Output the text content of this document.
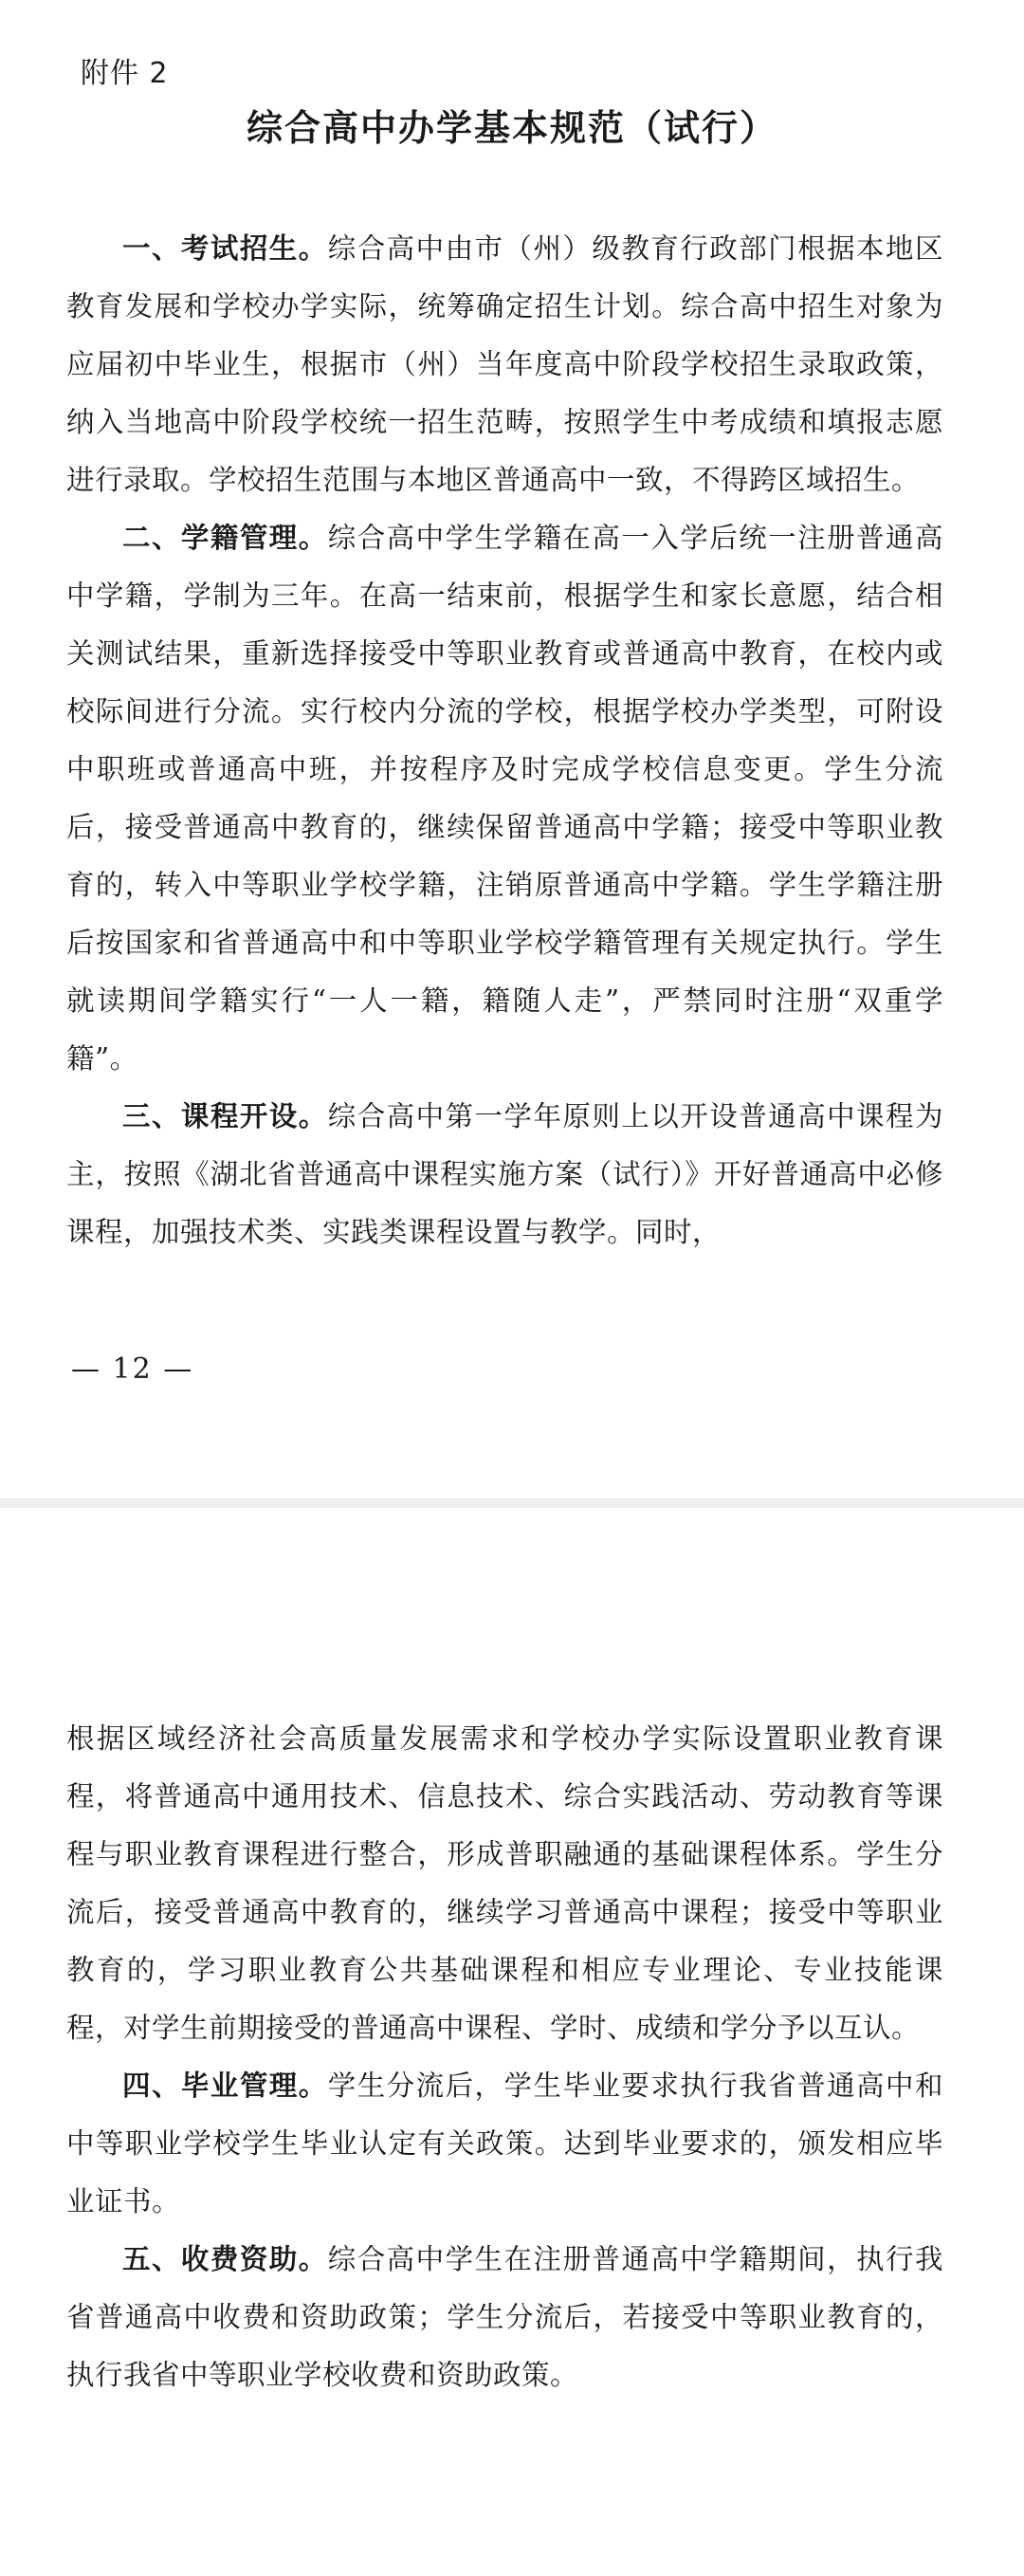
附件 2
综合高中办学基本规范（试行）

一、考试招生。综合高中由市（州）级教育行政部门根据本地区教育发展和学校办学实际，统筹确定招生计划。综合高中招生对象为应届初中毕业生，根据市（州）当年度高中阶段学校招生录取政策，纳入当地高中阶段学校统一招生范畴，按照学生中考成绩和填报志愿进行录取。学校招生范围与本地区普通高中一致，不得跨区域招生。

二、学籍管理。综合高中学生学籍在高一入学后统一注册普通高中学籍，学制为三年。在高一结束前，根据学生和家长意愿，结合相关测试结果，重新选择接受中等职业教育或普通高中教育，在校内或校际间进行分流。实行校内分流的学校，根据学校办学类型，可附设中职班或普通高中班，并按程序及时完成学校信息变更。学生分流后，接受普通高中教育的，继续保留普通高中学籍；接受中等职业教育的，转入中等职业学校学籍，注销原普通高中学籍。学生学籍注册后按国家和省普通高中和中等职业学校学籍管理有关规定执行。学生就读期间学籍实行“一人一籍，籍随人走”，严禁同时注册“双重学籍”。

三、课程开设。综合高中第一学年原则上以开设普通高中课程为主，按照《湖北省普通高中课程实施方案（试行）》开好普通高中必修课程，加强技术类、实践类课程设置与教学。同时，

— 12 —

根据区域经济社会高质量发展需求和学校办学实际设置职业教育课程，将普通高中通用技术、信息技术、综合实践活动、劳动教育等课程与职业教育课程进行整合，形成普职融通的基础课程体系。学生分流后，接受普通高中教育的，继续学习普通高中课程；接受中等职业教育的，学习职业教育公共基础课程和相应专业理论、专业技能课程，对学生前期接受的普通高中课程、学时、成绩和学分予以互认。

四、毕业管理。学生分流后，学生毕业要求执行我省普通高中和中等职业学校学生毕业认定有关政策。达到毕业要求的，颁发相应毕业证书。

五、收费资助。综合高中学生在注册普通高中学籍期间，执行我省普通高中收费和资助政策；学生分流后，若接受中等职业教育的，执行我省中等职业学校收费和资助政策。
